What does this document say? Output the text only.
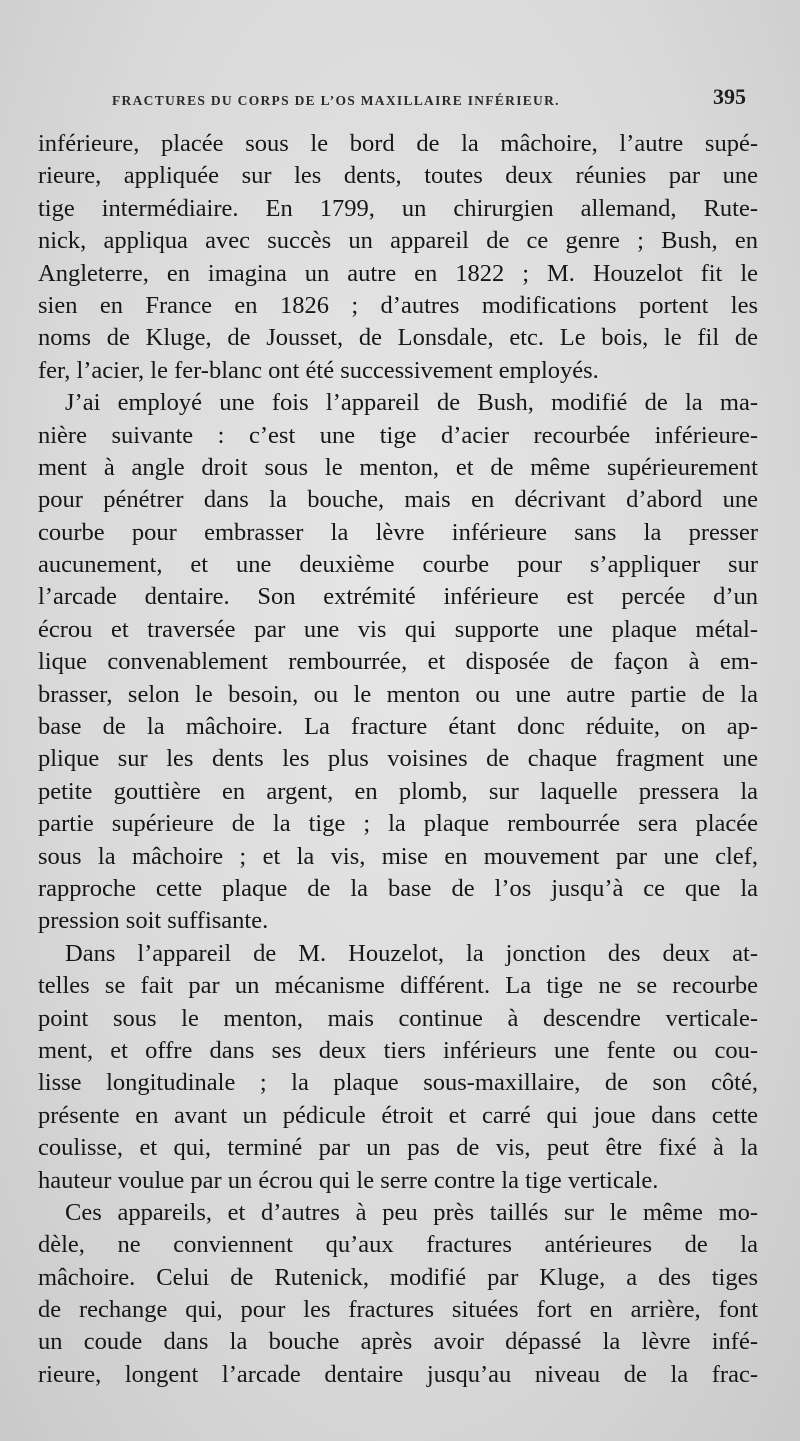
FRACTURES DU CORPS DE L’OS MAXILLAIRE INFÉRIEUR.	395
inférieure, placée sous le bord de la mâchoire, l’autre supé-
rieure, appliquée sur les dents, toutes deux réunies par une
tige intermédiaire. En 1799, un chirurgien allemand, Rute-
nick, appliqua avec succès un appareil de ce genre ; Bush, en
Angleterre, en imagina un autre en 1822 ; M. Houzelot fit le
sien en France en 1826 ; d’autres modifications portent les
noms de Kluge, de Jousset, de Lonsdale, etc. Le bois, le fil de
fer, l’acier, le fer-blanc ont été successivement employés.
J’ai employé une fois l’appareil de Bush, modifié de la ma-
nière suivante : c’est une tige d’acier recourbée inférieure-
ment à angle droit sous le menton, et de même supérieurement
pour pénétrer dans la bouche, mais en décrivant d’abord une
courbe pour embrasser la lèvre inférieure sans la presser
aucunement, et une deuxième courbe pour s’appliquer sur
l’arcade dentaire. Son extrémité inférieure est percée d’un
écrou et traversée par une vis qui supporte une plaque métal-
lique convenablement rembourrée, et disposée de façon à em-
brasser, selon le besoin, ou le menton ou une autre partie de la
base de la mâchoire. La fracture étant donc réduite, on ap-
plique sur les dents les plus voisines de chaque fragment une
petite gouttière en argent, en plomb, sur laquelle pressera la
partie supérieure de la tige ; la plaque rembourrée sera placée
sous la mâchoire ; et la vis, mise en mouvement par une clef,
rapproche cette plaque de la base de l’os jusqu’à ce que la
pression soit suffisante.
Dans l’appareil de M. Houzelot, la jonction des deux at-
telles se fait par un mécanisme différent. La tige ne se recourbe
point sous le menton, mais continue à descendre verticale-
ment, et offre dans ses deux tiers inférieurs une fente ou cou-
lisse longitudinale ; la plaque sous-maxillaire, de son côté,
présente en avant un pédicule étroit et carré qui joue dans cette
coulisse, et qui, terminé par un pas de vis, peut être fixé à la
hauteur voulue par un écrou qui le serre contre la tige verticale.
Ces appareils, et d’autres à peu près taillés sur le même mo-
dèle, ne conviennent qu’aux fractures antérieures de la
mâchoire. Celui de Rutenick, modifié par Kluge, a des tiges
de rechange qui, pour les fractures situées fort en arrière, font
un coude dans la bouche après avoir dépassé la lèvre infé-
rieure, longent l’arcade dentaire jusqu’au niveau de la frac-
